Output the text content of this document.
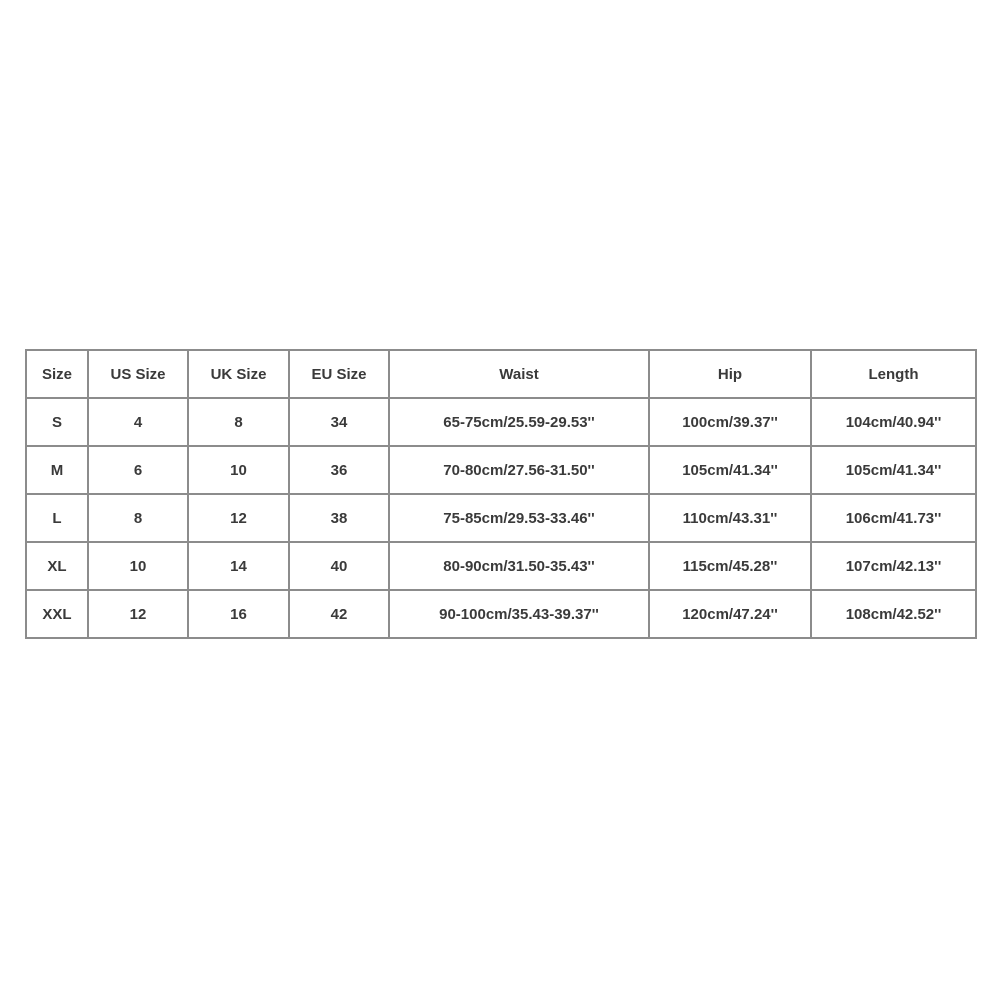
Size	US Size	UK Size	EU Size	Waist	Hip	Length
S	4	8	34	65-75cm/25.59-29.53''	100cm/39.37''	104cm/40.94''
M	6	10	36	70-80cm/27.56-31.50''	105cm/41.34''	105cm/41.34''
L	8	12	38	75-85cm/29.53-33.46''	110cm/43.31''	106cm/41.73''
XL	10	14	40	80-90cm/31.50-35.43''	115cm/45.28''	107cm/42.13''
XXL	12	16	42	90-100cm/35.43-39.37''	120cm/47.24''	108cm/42.52''
